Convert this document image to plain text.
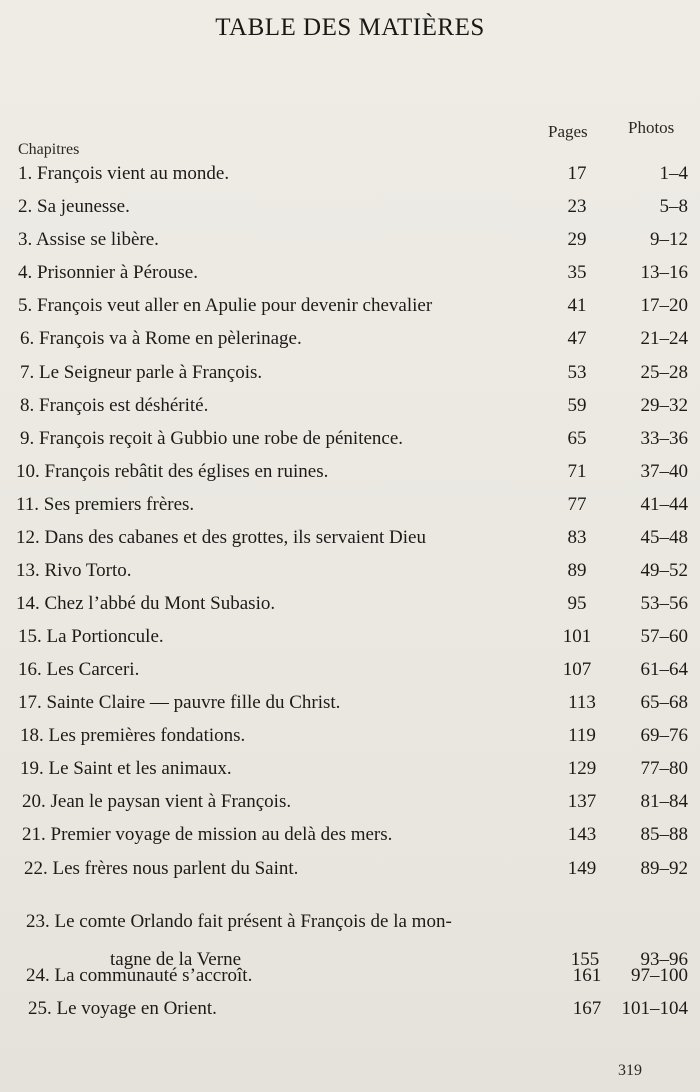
TABLE DES MATIÈRES
Chapitres
Pages Photos
1. François vient au monde.	17	1–4
2. Sa jeunesse.	23	5–8
3. Assise se libère.	29	9–12
4. Prisonnier à Pérouse.	35	13–16
5. François veut aller en Apulie pour devenir chevalier	41	17–20
6. François va à Rome en pèlerinage.	47	21–24
7. Le Seigneur parle à François.	53	25–28
8. François est déshérité.	59	29–32
9. François reçoit à Gubbio une robe de pénitence.	65	33–36
10. François rebâtit des églises en ruines.	71	37–40
11. Ses premiers frères.	77	41–44
12. Dans des cabanes et des grottes, ils servaient Dieu	83	45–48
13. Rivo Torto.	89	49–52
14. Chez l’abbé du Mont Subasio.	95	53–56
15. La Portioncule.	101	57–60
16. Les Carceri.	107	61–64
17. Sainte Claire — pauvre fille du Christ.	113	65–68
18. Les premières fondations.	119	69–76
19. Le Saint et les animaux.	129	77–80
20. Jean le paysan vient à François.	137	81–84
21. Premier voyage de mission au delà des mers.	143	85–88
22. Les frères nous parlent du Saint.	149	89–92
23. Le comte Orlando fait présent à François de la mon-
tagne de la Verne	155	93–96
24. La communauté s’accroît.	161	97–100
25. Le voyage en Orient.	167	101–104
319
